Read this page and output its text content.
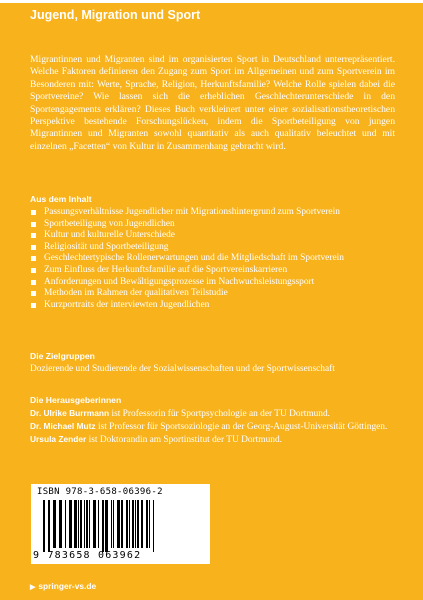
Jugend, Migration und Sport
Migrantinnen und Migranten sind im organisierten Sport in Deutschland unterrepräsentiert. Welche Faktoren definieren den Zugang zum Sport im Allgemeinen und zum Sportverein im Besonderen mit: Werte, Sprache, Religion, Herkunftsfamilie? Welche Rolle spielen dabei die Sportvereine? Wie lassen sich die erheblichen Geschlechterunterschiede in den Sportengagements erklären? Dieses Buch verkleinert unter einer sozialisationstheoretischen Perspektive bestehende Forschungslücken, indem die Sportbeteiligung von jungen Migrantinnen und Migranten sowohl quantitativ als auch qualitativ beleuchtet und mit einzelnen „Facetten“ von Kultur in Zusammenhang gebracht wird.
Aus dem Inhalt
Passungsverhältnisse Jugendlicher mit Migrationshintergrund zum Sportverein
Sportbeteiligung von Jugendlichen
Kultur und kulturelle Unterschiede
Religiosität und Sportbeteiligung
Geschlechtertypische Rollenerwartungen und die Mitgliedschaft im Sportverein
Zum Einfluss der Herkunftsfamilie auf die Sportvereinskarrieren
Anforderungen und Bewältigungsprozesse im Nachwuchsleistungssport
Methoden im Rahmen der qualitativen Teilstudie
Kurzportraits der interviewten Jugendlichen
Die Zielgruppen
Dozierende und Studierende der Sozialwissenschaften und der Sportwissenschaft
Die Herausgeberinnen
Dr. Ulrike Burrmann ist Professorin für Sportpsychologie an der TU Dortmund.
Dr. Michael Mutz ist Professor für Sportsoziologie an der Georg-August-Universität Göttingen.
Ursula Zender ist Doktorandin am Sportinstitut der TU Dortmund.
ISBN 978-3-658-06396-2
9 783658 063962
▶ springer-vs.de
